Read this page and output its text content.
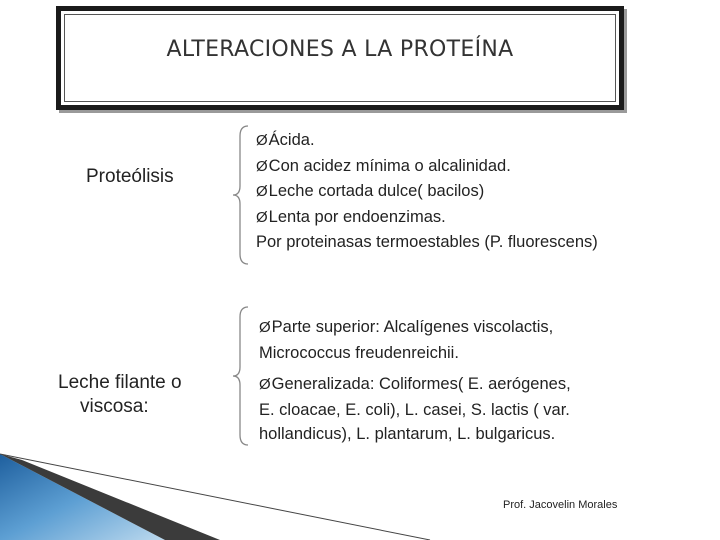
ALTERACIONES A LA PROTEÍNA
Proteólisis
ØÁcida.
ØCon acidez mínima o alcalinidad.
ØLeche cortada dulce( bacilos)
ØLenta por endoenzimas.
Por proteinasas termoestables (P. fluorescens)
Leche filante o
viscosa:
ØParte superior: Alcalígenes viscolactis,
Micrococcus freudenreichii.
ØGeneralizada: Coliformes( E. aerógenes,
E. cloacae, E. coli), L. casei, S. lactis ( var.
hollandicus), L. plantarum, L. bulgaricus.
Prof. Jacovelin Morales
